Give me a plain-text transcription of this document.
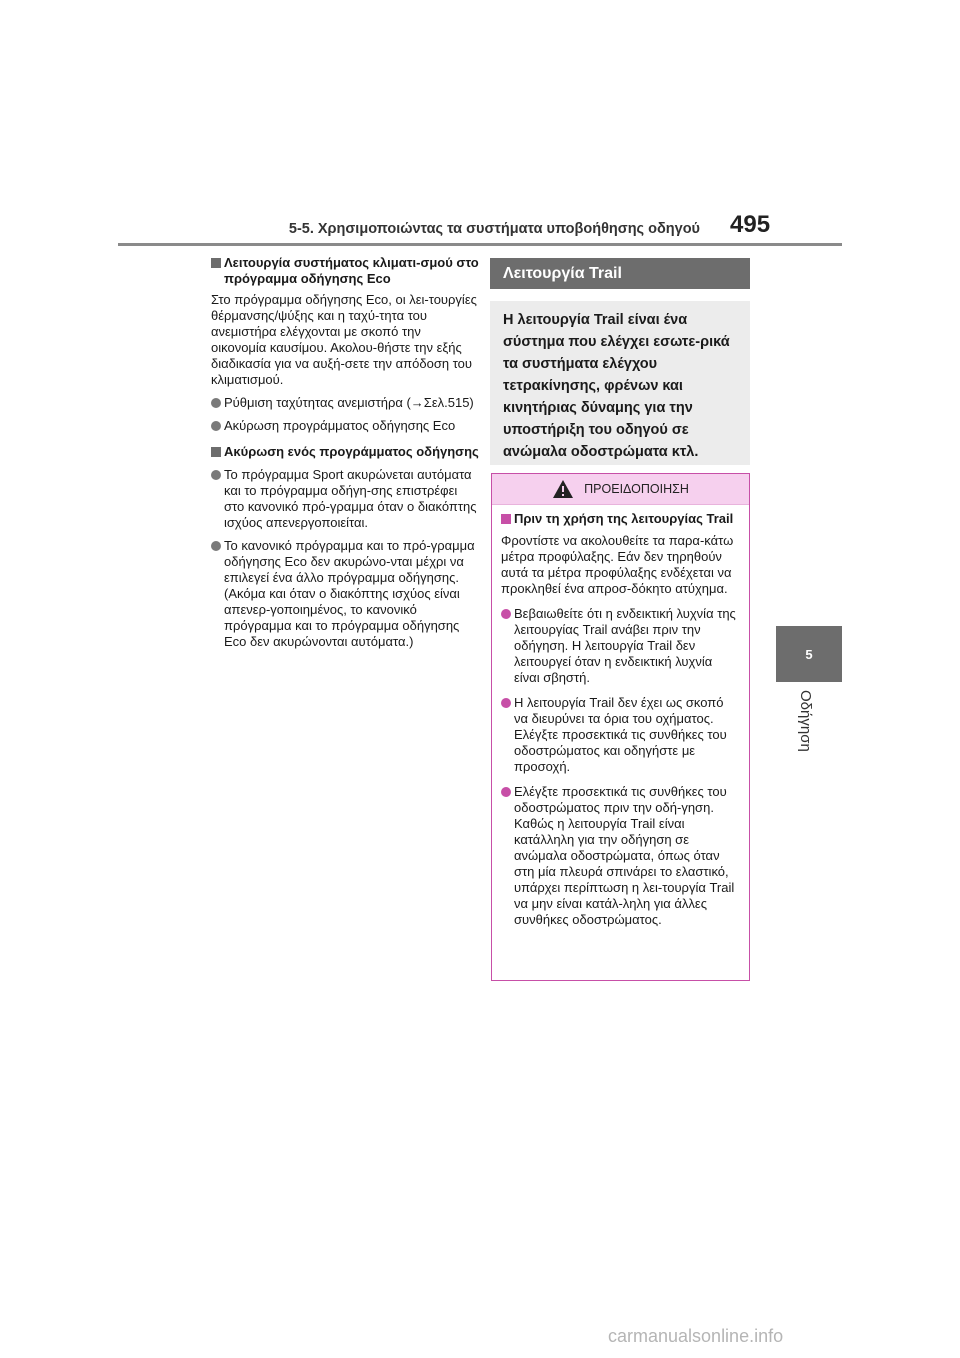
5-5. Χρησιμοποιώντας τα συστήματα υποβοήθησης οδηγού 495
5
Οδήγηση
Λειτουργία συστήματος κλιματι-σμού στο πρόγραμμα οδήγησης Eco
Στο πρόγραμμα οδήγησης Eco, οι λει-τουργίες θέρμανσης/ψύξης και η ταχύ-τητα του ανεμιστήρα ελέγχονται με σκοπό την οικονομία καυσίμου. Ακολου-θήστε την εξής διαδικασία για να αυξή-σετε την απόδοση του κλιματισμού.
Ρύθμιση ταχύτητας ανεμιστήρα (→Σελ.515)
Ακύρωση προγράμματος οδήγησης Eco
Ακύρωση ενός προγράμματος οδήγησης
Το πρόγραμμα Sport ακυρώνεται αυτόματα και το πρόγραμμα οδήγη-σης επιστρέφει στο κανονικό πρό-γραμμα όταν ο διακόπτης ισχύος απενεργοποιείται.
Το κανονικό πρόγραμμα και το πρό-γραμμα οδήγησης Eco δεν ακυρώνο-νται μέχρι να επιλεγεί ένα άλλο πρόγραμμα οδήγησης. (Ακόμα και όταν ο διακόπτης ισχύος είναι απενερ-γοποιημένος, το κανονικό πρόγραμμα και το πρόγραμμα οδήγησης Eco δεν ακυρώνονται αυτόματα.)
Λειτουργία Trail
Η λειτουργία Trail είναι ένα σύστημα που ελέγχει εσωτε-ρικά τα συστήματα ελέγχου τετρακίνησης, φρένων και κινητήριας δύναμης για την υποστήριξη του οδηγού σε ανώμαλα οδοστρώματα κτλ.
ΠΡΟΕΙΔΟΠΟΙΗΣΗ
Πριν τη χρήση της λειτουργίας Trail
Φροντίστε να ακολουθείτε τα παρα-κάτω μέτρα προφύλαξης. Εάν δεν τηρηθούν αυτά τα μέτρα προφύλαξης ενδέχεται να προκληθεί ένα απροσ-δόκητο ατύχημα.
Βεβαιωθείτε ότι η ενδεικτική λυχνία της λειτουργίας Trail ανάβει πριν την οδήγηση. Η λειτουργία Trail δεν λειτουργεί όταν η ενδεικτική λυχνία είναι σβηστή.
Η λειτουργία Trail δεν έχει ως σκοπό να διευρύνει τα όρια του οχήματος. Ελέγξτε προσεκτικά τις συνθήκες του οδοστρώματος και οδηγήστε με προσοχή.
Ελέγξτε προσεκτικά τις συνθήκες του οδοστρώματος πριν την οδή-γηση. Καθώς η λειτουργία Trail είναι κατάλληλη για την οδήγηση σε ανώμαλα οδοστρώματα, όπως όταν στη μία πλευρά σπινάρει το ελαστικό, υπάρχει περίπτωση η λει-τουργία Trail να μην είναι κατάλ-ληλη για άλλες συνθήκες οδοστρώματος.
carmanualsonline.info
